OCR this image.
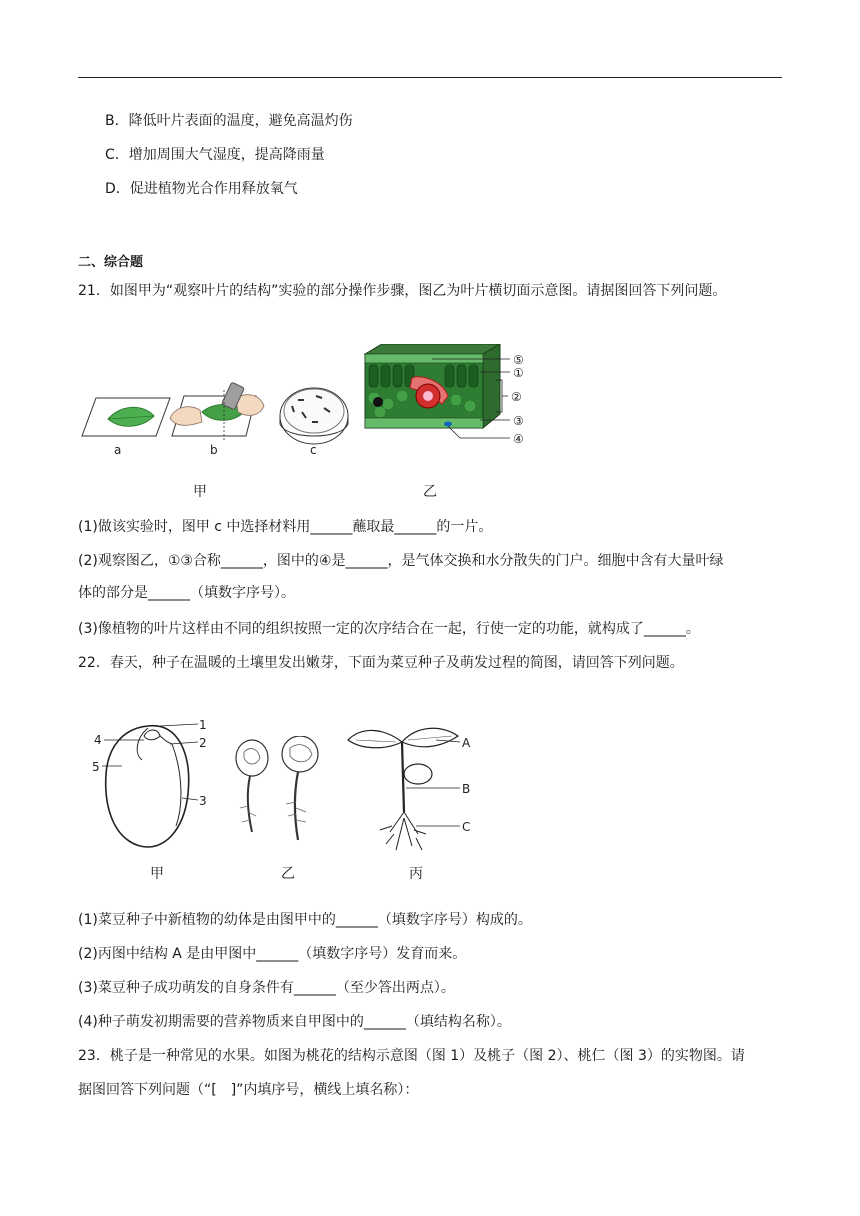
B．降低叶片表面的温度，避免高温灼伤
C．增加周围大气湿度，提高降雨量
D．促进植物光合作用释放氧气
二、综合题
21．如图甲为“观察叶片的结构”实验的部分操作步骤，图乙为叶片横切面示意图。请据图回答下列问题。
a	b	c
甲
⑤
①
②
③
④
乙
(1)做该实验时，图甲 c 中选择材料用______蘸取最______的一片。
(2)观察图乙，①③合称______，图中的④是______，是气体交换和水分散失的门户。细胞中含有大量叶绿
体的部分是______（填数字序号）。
(3)像植物的叶片这样由不同的组织按照一定的次序结合在一起，行使一定的功能，就构成了______。
22．春天，种子在温暖的土壤里发出嫩芽，下面为菜豆种子及萌发过程的简图，请回答下列问题。
1
2
3
4
5
甲	乙
A
B
C
丙
(1)菜豆种子中新植物的幼体是由图甲中的______（填数字序号）构成的。
(2)丙图中结构 A 是由甲图中______（填数字序号）发育而来。
(3)菜豆种子成功萌发的自身条件有______（至少答出两点）。
(4)种子萌发初期需要的营养物质来自甲图中的______（填结构名称）。
23．桃子是一种常见的水果。如图为桃花的结构示意图（图 1）及桃子（图 2）、桃仁（图 3）的实物图。请
据图回答下列问题（“[　]”内填序号，横线上填名称）：
